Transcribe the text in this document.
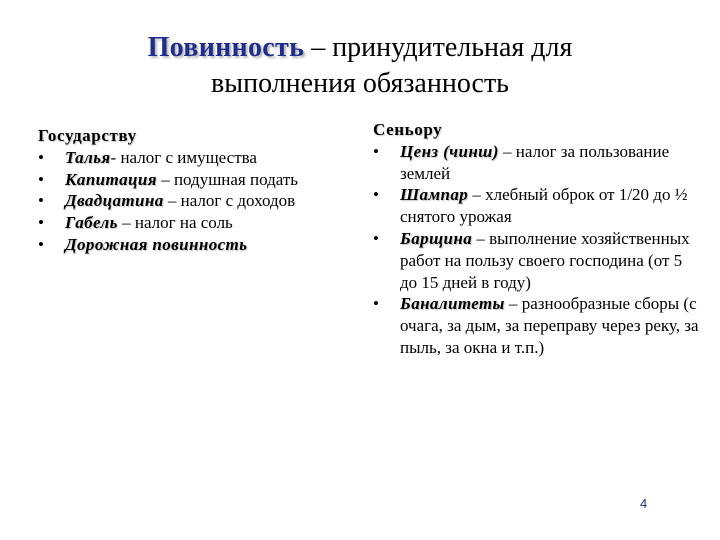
Повинность – принудительная для
выполнения обязанность
Государству
• Талья- налог с имущества
• Капитация – подушная подать
• Двадцатина – налог с доходов
• Габель – налог на соль
• Дорожная повинность
Сеньору
• Ценз (чинш) – налог за пользование землей
• Шампар – хлебный оброк от 1/20 до ½ снятого урожая
• Барщина – выполнение хозяйственных работ на пользу своего господина (от 5 до 15 дней в году)
• Баналитеты – разнообразные сборы (с очага, за дым, за переправу через реку, за пыль, за окна и т.п.)
4
